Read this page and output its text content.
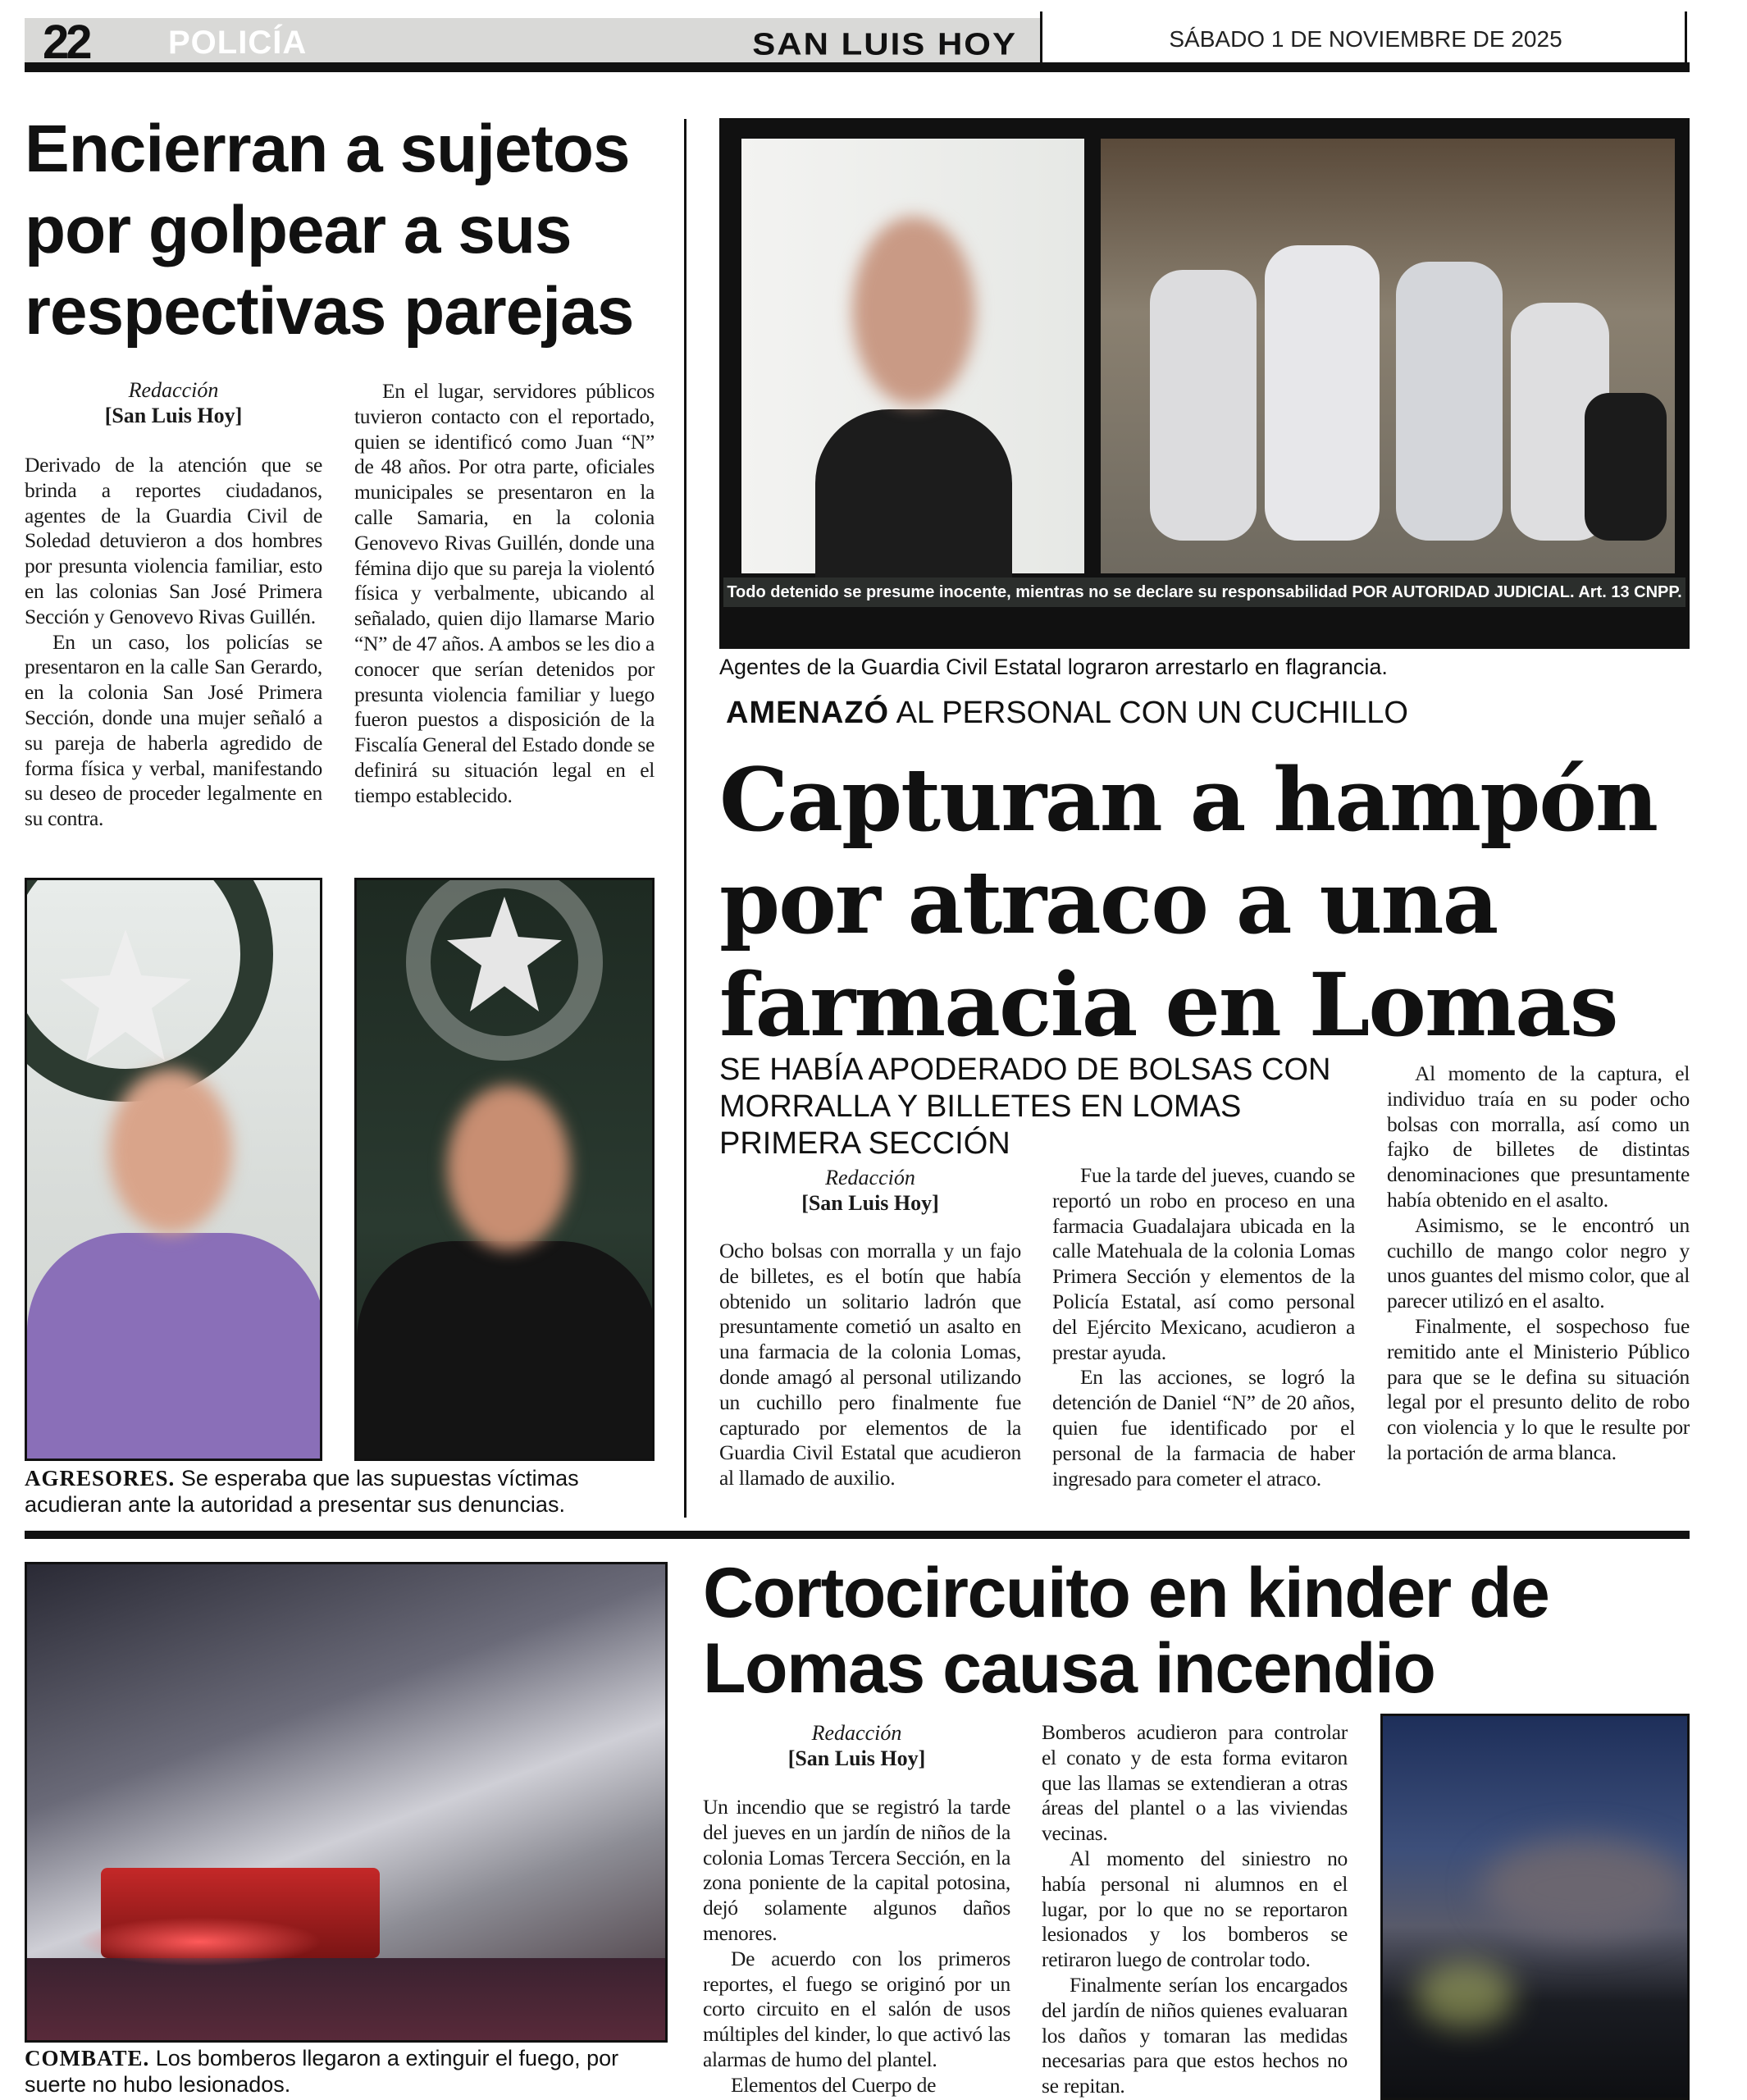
22 POLICÍA	SAN LUIS HOY	SÁBADO 1 DE NOVIEMBRE DE 2025
Encierran a sujetos por golpear a sus respectivas parejas
Redacción
[San Luis Hoy]

Derivado de la atención que se brinda a reportes ciudadanos, agentes de la Guardia Civil de Soledad detuvieron a dos hombres por presunta violencia familiar, esto en las colonias San José Primera Sección y Genovevo Rivas Guillén.

En un caso, los policías se presentaron en la calle San Gerardo, en la colonia San José Primera Sección, donde una mujer señaló a su pareja de haberla agredido de forma física y verbal, manifestando su deseo de proceder legalmente en su contra.

En el lugar, servidores públicos tuvieron contacto con el reportado, quien se identificó como Juan “N” de 48 años. Por otra parte, oficiales municipales se presentaron en la calle Samaria, en la colonia Genovevo Rivas Guillén, donde una fémina dijo que su pareja la violentó física y verbalmente, ubicando al señalado, quien dijo llamarse Mario “N” de 47 años. A ambos se les dio a conocer que serían detenidos por presunta violencia familiar y luego fueron puestos a disposición de la Fiscalía General del Estado donde se definirá su situación legal en el tiempo establecido.

AGRESORES. Se esperaba que las supuestas víctimas acudieran ante la autoridad a presentar sus denuncias.
Todo detenido se presume inocente, mientras no se declare su responsabilidad POR AUTORIDAD JUDICIAL. Art. 13 CNPP.
Agentes de la Guardia Civil Estatal lograron arrestarlo en flagrancia.
AMENAZÓ AL PERSONAL CON UN CUCHILLO
Capturan a hampón por atraco a una farmacia en Lomas
SE HABÍA APODERADO DE BOLSAS CON MORRALLA Y BILLETES EN LOMAS PRIMERA SECCIÓN
Redacción
[San Luis Hoy]

Ocho bolsas con morralla y un fajo de billetes, es el botín que había obtenido un solitario ladrón que presuntamente cometió un asalto en una farmacia de la colonia Lomas, donde amagó al personal utilizando un cuchillo pero finalmente fue capturado por elementos de la Guardia Civil Estatal que acudieron al llamado de auxilio.

Fue la tarde del jueves, cuando se reportó un robo en proceso en una farmacia Guadalajara ubicada en la calle Matehuala de la colonia Lomas Primera Sección y elementos de la Policía Estatal, así como personal del Ejército Mexicano, acudieron a prestar ayuda.

En las acciones, se logró la detención de Daniel “N” de 20 años, quien fue identificado por el personal de la farmacia de haber ingresado para cometer el atraco.

Al momento de la captura, el individuo traía en su poder ocho bolsas con morralla, así como un fajko de billetes de distintas denominaciones que presuntamente había obtenido en el asalto.

Asimismo, se le encontró un cuchillo de mango color negro y unos guantes del mismo color, que al parecer utilizó en el asalto.

Finalmente, el sospechoso fue remitido ante el Ministerio Público para que se le defina su situación legal por el presunto delito de robo con violencia y lo que le resulte por la portación de arma blanca.

COMBATE. Los bomberos llegaron a extinguir el fuego, por suerte no hubo lesionados.
Cortocircuito en kinder de Lomas causa incendio
Redacción
[San Luis Hoy]

Un incendio que se registró la tarde del jueves en un jardín de niños de la colonia Lomas Tercera Sección, en la zona poniente de la capital potosina, dejó solamente algunos daños menores.

De acuerdo con los primeros reportes, el fuego se originó por un corto circuito en el salón de usos múltiples del kinder, lo que activó las alarmas de humo del plantel.

Elementos del Cuerpo de

Bomberos acudieron para controlar el conato y de esta forma evitaron que las llamas se extendieran a otras áreas del plantel o a las viviendas vecinas.

Al momento del siniestro no había personal ni alumnos en el lugar, por lo que no se reportaron lesionados y los bomberos se retiraron luego de controlar todo.

Finalmente serían los encargados del jardín de niños quienes evaluaran los daños y tomaran las medidas necesarias para que estos hechos no se repitan.
